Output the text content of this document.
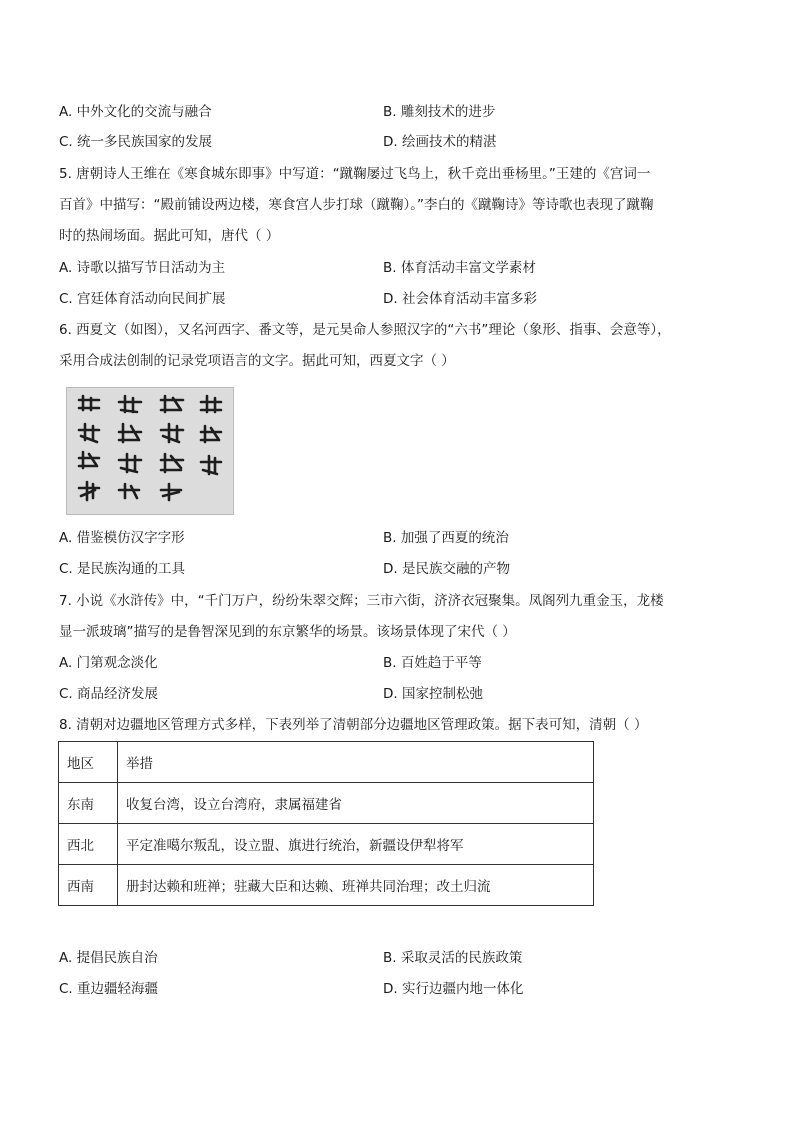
A. 中外文化的交流与融合	B. 雕刻技术的进步
C. 统一多民族国家的发展	D. 绘画技术的精湛
5. 唐朝诗人王维在《寒食城东即事》中写道：“蹴鞠屡过飞鸟上，秋千竞出垂杨里。”王建的《宫词一
百首》中描写：“殿前铺设两边楼，寒食宫人步打球（蹴鞠）。”李白的《蹴鞠诗》等诗歌也表现了蹴鞠
时的热闹场面。据此可知，唐代（ ）
A. 诗歌以描写节日活动为主	B. 体育活动丰富文学素材
C. 宫廷体育活动向民间扩展	D. 社会体育活动丰富多彩
6. 西夏文（如图），又名河西字、番文等，是元昊命人参照汉字的“六书”理论（象形、指事、会意等），
采用合成法创制的记录党项语言的文字。据此可知，西夏文字（ ）
A. 借鉴模仿汉字字形	B. 加强了西夏的统治
C. 是民族沟通的工具	D. 是民族交融的产物
7. 小说《水浒传》中，“千门万户，纷纷朱翠交辉；三市六街，济济衣冠聚集。凤阁列九重金玉，龙楼
显一派玻璃”描写的是鲁智深见到的东京繁华的场景。该场景体现了宋代（ ）
A. 门第观念淡化	B. 百姓趋于平等
C. 商品经济发展	D. 国家控制松弛
8. 清朝对边疆地区管理方式多样，下表列举了清朝部分边疆地区管理政策。据下表可知，清朝（ ）
地区	举措
东南	收复台湾，设立台湾府，隶属福建省
西北	平定准噶尔叛乱，设立盟、旗进行统治，新疆设伊犁将军
西南	册封达赖和班禅；驻藏大臣和达赖、班禅共同治理；改土归流
A. 提倡民族自治	B. 采取灵活的民族政策
C. 重边疆轻海疆	D. 实行边疆内地一体化
